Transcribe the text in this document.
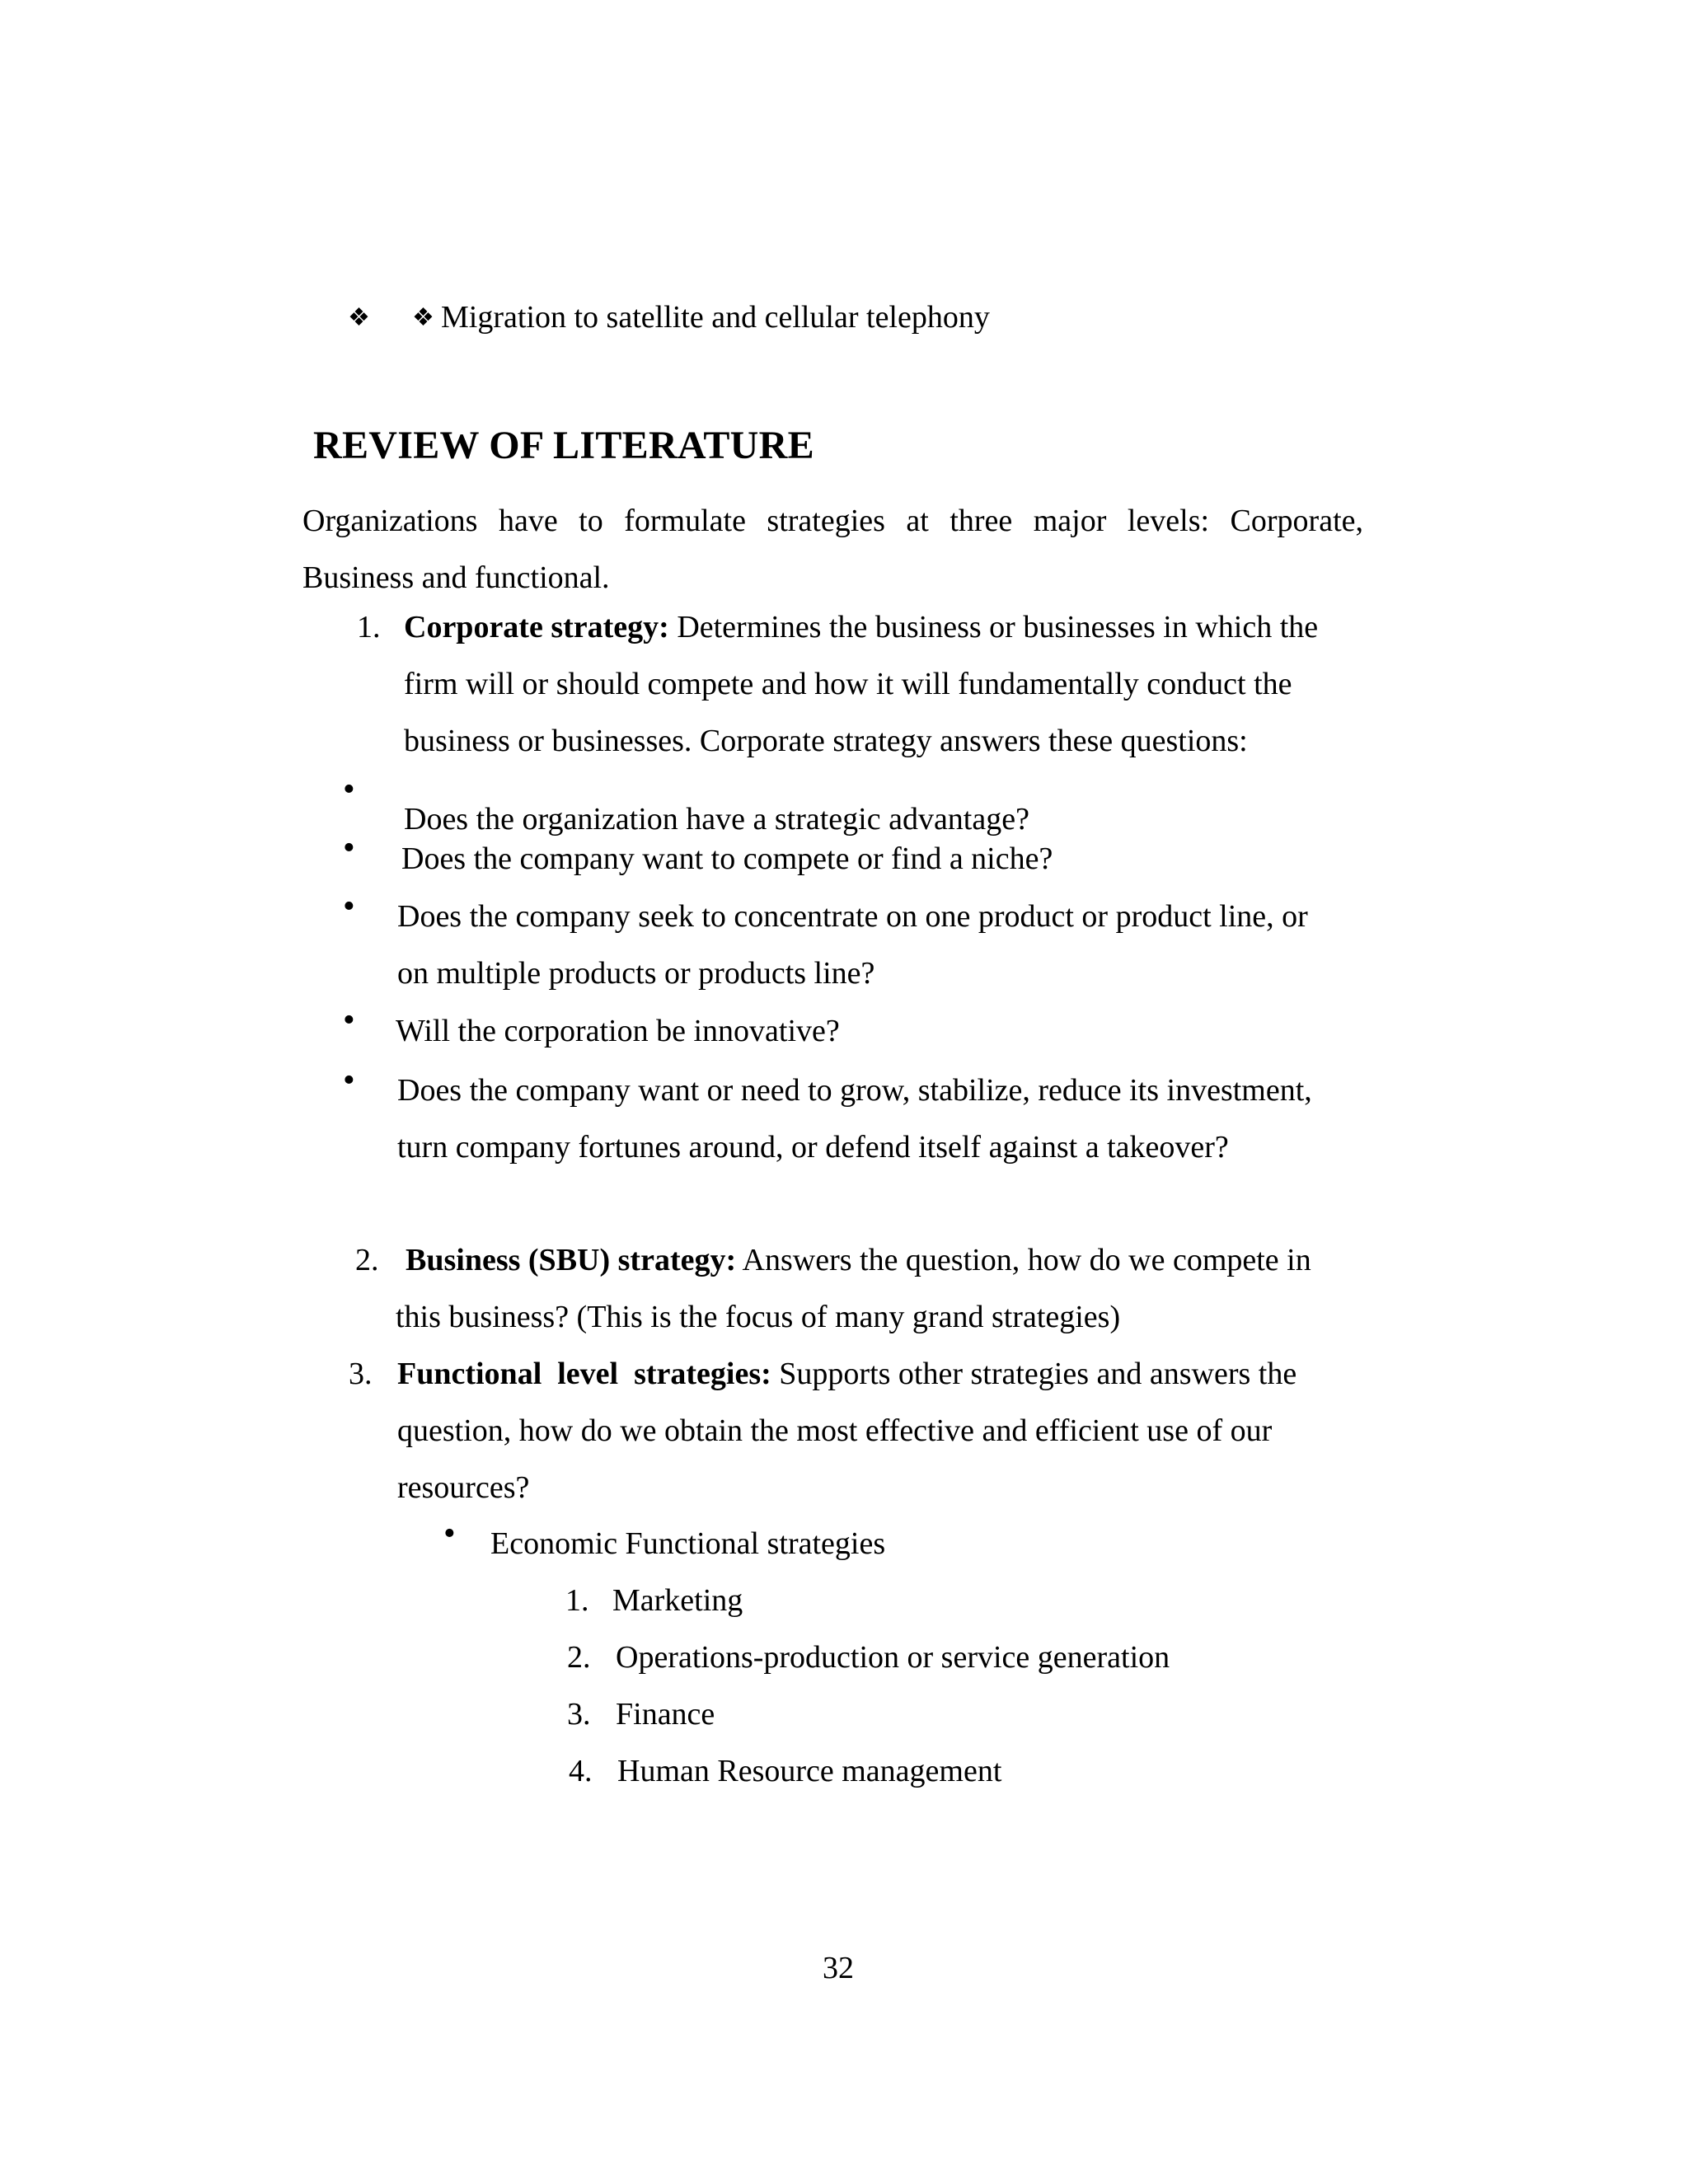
❖ ❖ Migration to satellite and cellular telephony
REVIEW OF LITERATURE

Organizations have to formulate strategies at three major levels: Corporate, Business and functional.

1. Corporate strategy: Determines the business or businesses in which the
firm will or should compete and how it will fundamentally conduct the
business or businesses. Corporate strategy answers these questions:
•
Does the organization have a strategic advantage?
• Does the company want to compete or find a niche?
• Does the company seek to concentrate on one product or product line, or
on multiple products or products line?
• Will the corporation be innovative?
• Does the company want or need to grow, stabilize, reduce its investment,
turn company fortunes around, or defend itself against a takeover?
2. Business (SBU) strategy: Answers the question, how do we compete in
this business? (This is the focus of many grand strategies)
3. Functional  level  strategies: Supports other strategies and answers the
question, how do we obtain the most effective and efficient use of our
resources?
• Economic Functional strategies
1. Marketing
2. Operations-production or service generation
3. Finance
4. Human Resource management
32
